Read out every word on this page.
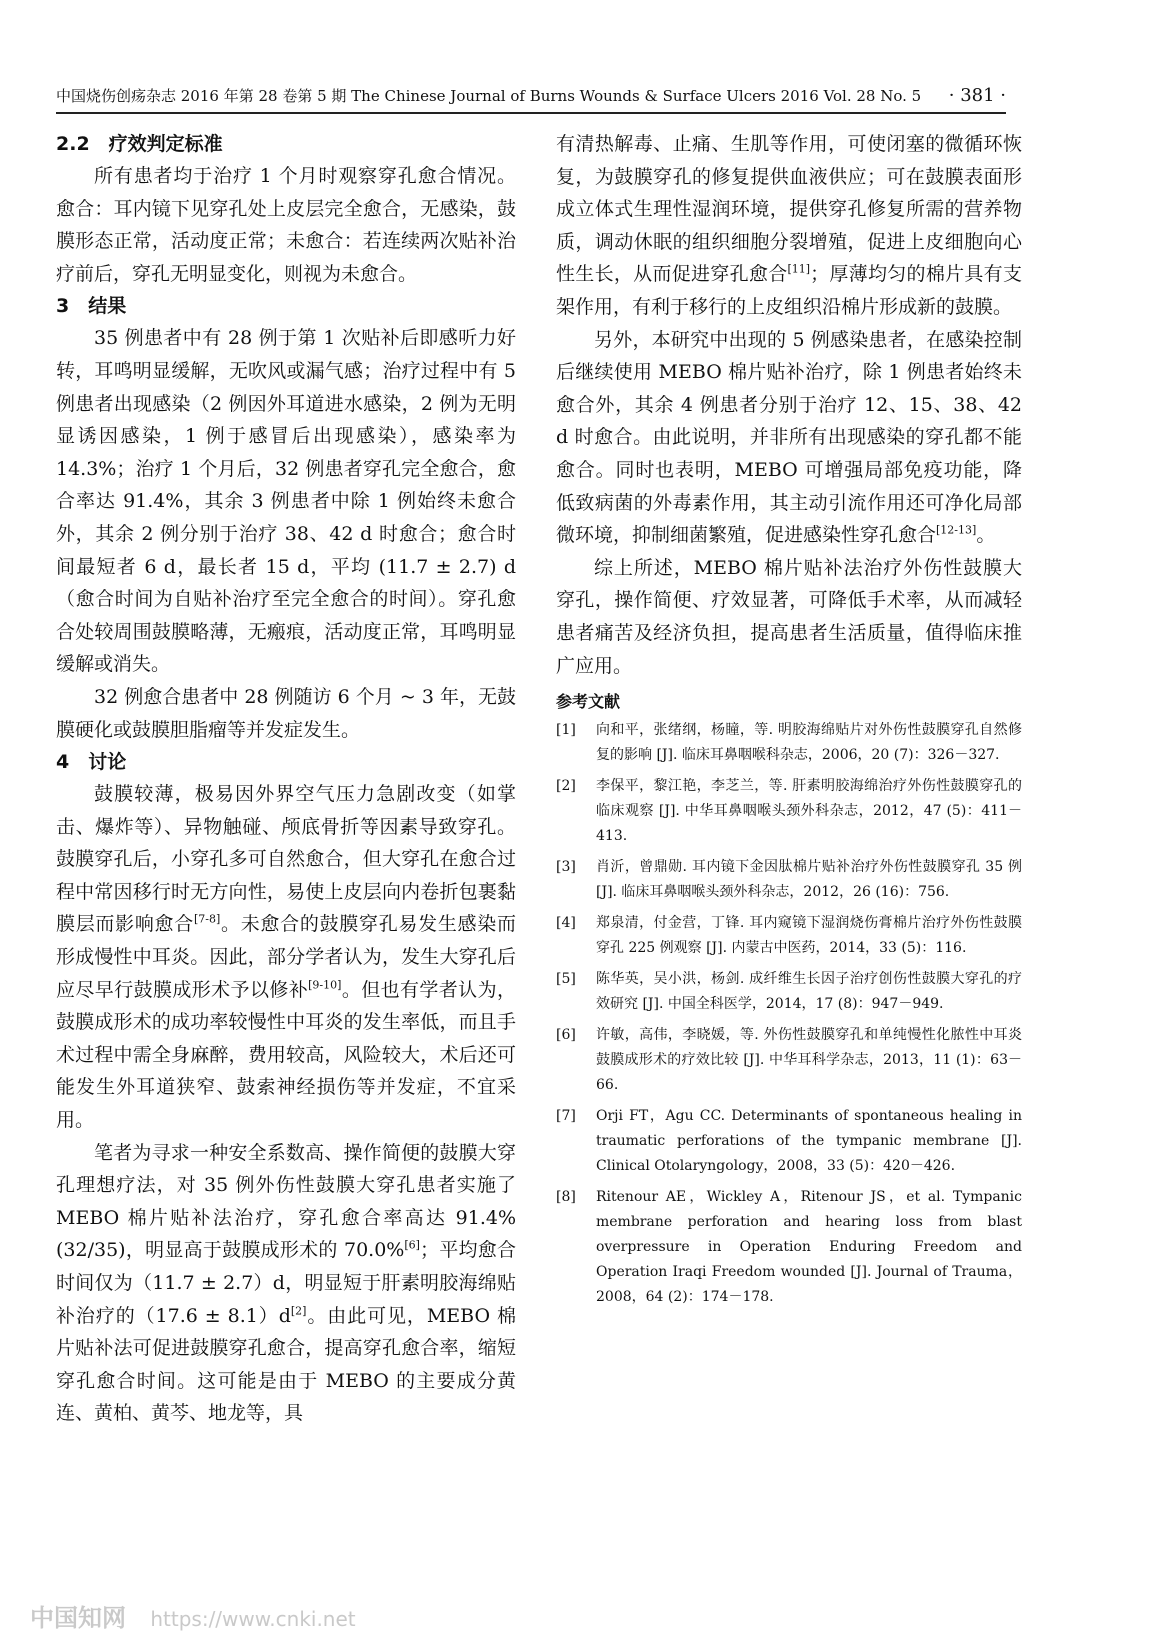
中国烧伤创疡杂志 2016 年第 28 卷第 5 期 The Chinese Journal of Burns Wounds & Surface Ulcers 2016 Vol. 28 No. 5 · 381 ·

2.2　疗效判定标准

所有患者均于治疗 1 个月时观察穿孔愈合情况。愈合：耳内镜下见穿孔处上皮层完全愈合，无感染，鼓膜形态正常，活动度正常；未愈合：若连续两次贴补治疗前后，穿孔无明显变化，则视为未愈合。

3　结果

35 例患者中有 28 例于第 1 次贴补后即感听力好转，耳鸣明显缓解，无吹风或漏气感；治疗过程中有 5 例患者出现感染（2 例因外耳道进水感染，2 例为无明显诱因感染，1 例于感冒后出现感染），感染率为 14.3%；治疗 1 个月后，32 例患者穿孔完全愈合，愈合率达 91.4%，其余 3 例患者中除 1 例始终未愈合外，其余 2 例分别于治疗 38、42 d 时愈合；愈合时间最短者 6 d，最长者 15 d，平均 (11.7 ± 2.7) d（愈合时间为自贴补治疗至完全愈合的时间）。穿孔愈合处较周围鼓膜略薄，无瘢痕，活动度正常，耳鸣明显缓解或消失。

32 例愈合患者中 28 例随访 6 个月 ~ 3 年，无鼓膜硬化或鼓膜胆脂瘤等并发症发生。

4　讨论

鼓膜较薄，极易因外界空气压力急剧改变（如掌击、爆炸等）、异物触碰、颅底骨折等因素导致穿孔。鼓膜穿孔后，小穿孔多可自然愈合，但大穿孔在愈合过程中常因移行时无方向性，易使上皮层向内卷折包裹黏膜层而影响愈合[7-8]。未愈合的鼓膜穿孔易发生感染而形成慢性中耳炎。因此，部分学者认为，发生大穿孔后应尽早行鼓膜成形术予以修补[9-10]。但也有学者认为，鼓膜成形术的成功率较慢性中耳炎的发生率低，而且手术过程中需全身麻醉，费用较高，风险较大，术后还可能发生外耳道狭窄、鼓索神经损伤等并发症，不宜采用。

笔者为寻求一种安全系数高、操作简便的鼓膜大穿孔理想疗法，对 35 例外伤性鼓膜大穿孔患者实施了 MEBO 棉片贴补法治疗，穿孔愈合率高达 91.4% (32/35)，明显高于鼓膜成形术的 70.0%[6]；平均愈合时间仅为（11.7 ± 2.7）d，明显短于肝素明胶海绵贴补治疗的（17.6 ± 8.1）d[2]。由此可见，MEBO 棉片贴补法可促进鼓膜穿孔愈合，提高穿孔愈合率，缩短穿孔愈合时间。这可能是由于 MEBO 的主要成分黄连、黄柏、黄芩、地龙等，具

有清热解毒、止痛、生肌等作用，可使闭塞的微循环恢复，为鼓膜穿孔的修复提供血液供应；可在鼓膜表面形成立体式生理性湿润环境，提供穿孔修复所需的营养物质，调动休眠的组织细胞分裂增殖，促进上皮细胞向心性生长，从而促进穿孔愈合[11]；厚薄均匀的棉片具有支架作用，有利于移行的上皮组织沿棉片形成新的鼓膜。

另外，本研究中出现的 5 例感染患者，在感染控制后继续使用 MEBO 棉片贴补治疗，除 1 例患者始终未愈合外，其余 4 例患者分别于治疗 12、15、38、42 d 时愈合。由此说明，并非所有出现感染的穿孔都不能愈合。同时也表明，MEBO 可增强局部免疫功能，降低致病菌的外毒素作用，其主动引流作用还可净化局部微环境，抑制细菌繁殖，促进感染性穿孔愈合[12-13]。

综上所述，MEBO 棉片贴补法治疗外伤性鼓膜大穿孔，操作简便、疗效显著，可降低手术率，从而减轻患者痛苦及经济负担，提高患者生活质量，值得临床推广应用。

参考文献

[1] 向和平，张绪纲，杨瞳，等. 明胶海绵贴片对外伤性鼓膜穿孔自然修复的影响 [J]. 临床耳鼻咽喉科杂志，2006，20 (7)：326－327.
[2] 李保平，黎江艳，李芝兰，等. 肝素明胶海绵治疗外伤性鼓膜穿孔的临床观察 [J]. 中华耳鼻咽喉头颈外科杂志，2012，47 (5)：411－413.
[3] 肖沂，曾鼎勋. 耳内镜下金因肽棉片贴补治疗外伤性鼓膜穿孔 35 例 [J]. 临床耳鼻咽喉头颈外科杂志，2012，26 (16)：756.
[4] 郑泉清，付金营，丁锋. 耳内窥镜下湿润烧伤膏棉片治疗外伤性鼓膜穿孔 225 例观察 [J]. 内蒙古中医药，2014，33 (5)：116.
[5] 陈华英，吴小洪，杨剑. 成纤维生长因子治疗创伤性鼓膜大穿孔的疗效研究 [J]. 中国全科医学，2014，17 (8)：947－949.
[6] 许敏，高伟，李晓媛，等. 外伤性鼓膜穿孔和单纯慢性化脓性中耳炎鼓膜成形术的疗效比较 [J]. 中华耳科学杂志，2013，11 (1)：63－66.
[7] Orji FT，Agu CC. Determinants of spontaneous healing in traumatic perforations of the tympanic membrane [J]. Clinical Otolaryngology，2008，33 (5)：420－426.
[8] Ritenour AE，Wickley A，Ritenour JS，et al. Tympanic membrane perforation and hearing loss from blast overpressure in Operation Enduring Freedom and Operation Iraqi Freedom wounded [J]. Journal of Trauma，2008，64 (2)：174－178.
中国知网 https://www.cnki.net
